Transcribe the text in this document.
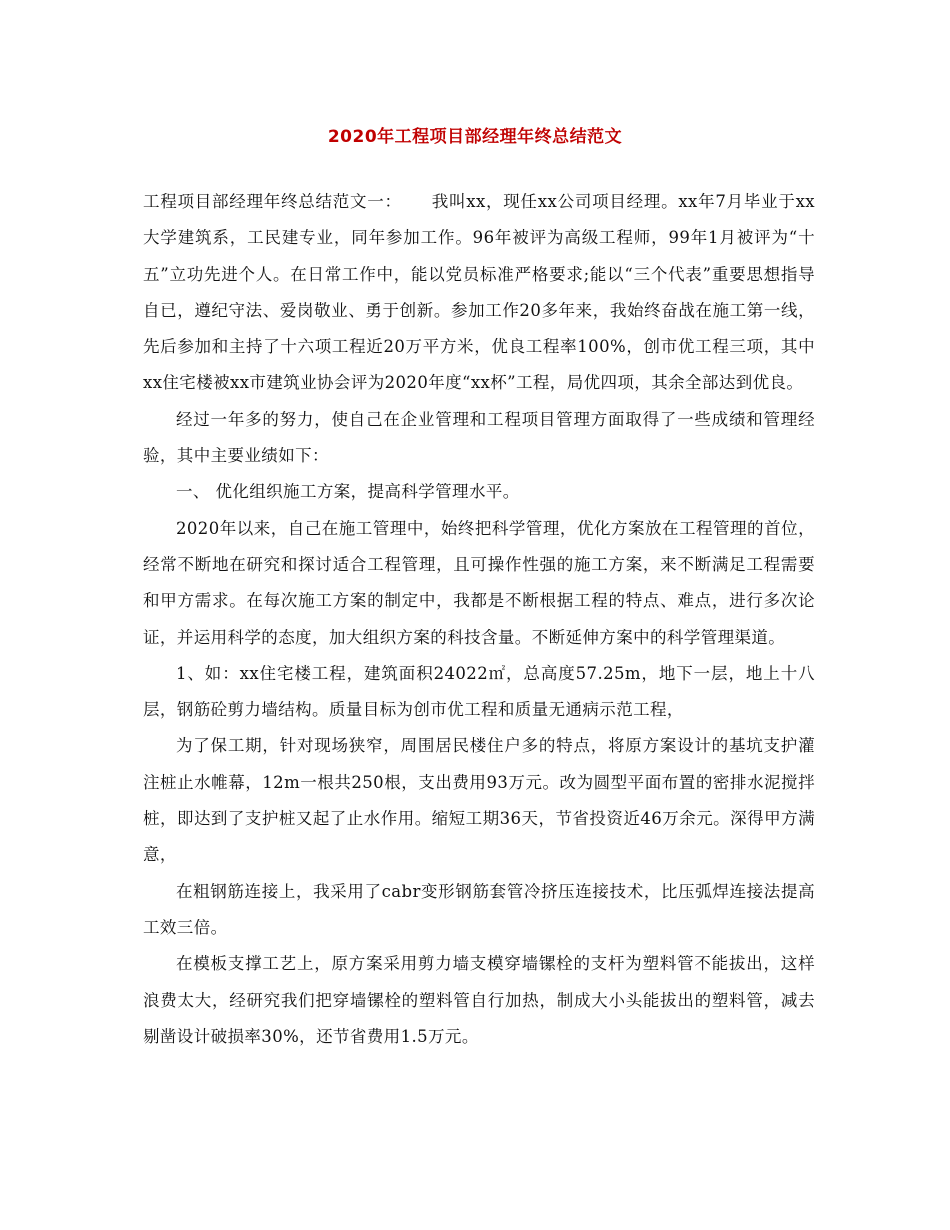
2020年工程项目部经理年终总结范文

工程项目部经理年终总结范文一： 我叫xx，现任xx公司项目经理。xx年7月毕业于xx大学建筑系，工民建专业，同年参加工作。96年被评为高级工程师，99年1月被评为“十五”立功先进个人。在日常工作中，能以党员标准严格要求;能以“三个代表”重要思想指导自已，遵纪守法、爱岗敬业、勇于创新。参加工作20多年来，我始终奋战在施工第一线，先后参加和主持了十六项工程近20万平方米，优良工程率100%，创市优工程三项，其中xx住宅楼被xx市建筑业协会评为2020年度“xx杯”工程，局优四项，其余全部达到优良。

经过一年多的努力，使自己在企业管理和工程项目管理方面取得了一些成绩和管理经验，其中主要业绩如下：

一、 优化组织施工方案，提高科学管理水平。

2020年以来，自己在施工管理中，始终把科学管理，优化方案放在工程管理的首位，经常不断地在研究和探讨适合工程管理，且可操作性强的施工方案，来不断满足工程需要和甲方需求。在每次施工方案的制定中，我都是不断根据工程的特点、难点，进行多次论证，并运用科学的态度，加大组织方案的科技含量。不断延伸方案中的科学管理渠道。

1、如：xx住宅楼工程，建筑面积24022㎡，总高度57.25m，地下一层，地上十八层，钢筋砼剪力墙结构。质量目标为创市优工程和质量无通病示范工程，

为了保工期，针对现场狭窄，周围居民楼住户多的特点，将原方案设计的基坑支护灌注桩止水帷幕，12m一根共250根，支出费用93万元。改为圆型平面布置的密排水泥搅拌桩，即达到了支护桩又起了止水作用。缩短工期36天，节省投资近46万余元。深得甲方满意，

在粗钢筋连接上，我采用了cabr变形钢筋套管冷挤压连接技术，比压弧焊连接法提高工效三倍。

在模板支撑工艺上，原方案采用剪力墙支模穿墙镙栓的支杆为塑料管不能拔出，这样浪费太大，经研究我们把穿墙镙栓的塑料管自行加热，制成大小头能拔出的塑料管，减去剔凿设计破损率30%，还节省费用1.5万元。
